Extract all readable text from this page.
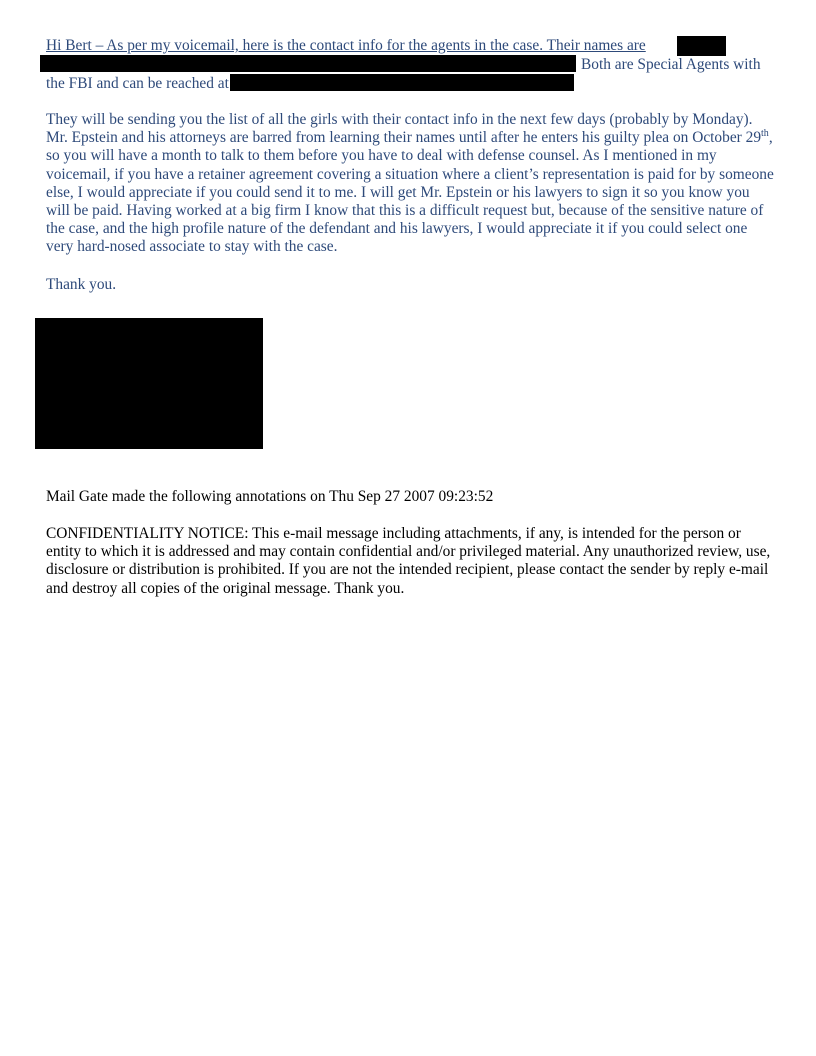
Hi Bert – As per my voicemail, here is the contact info for the agents in the case. Their names are
Both are Special Agents with
the FBI and can be reached at

They will be sending you the list of all the girls with their contact info in the next few days (probably by Monday). Mr. Epstein and his attorneys are barred from learning their names until after he enters his guilty plea on October 29th, so you will have a month to talk to them before you have to deal with defense counsel. As I mentioned in my voicemail, if you have a retainer agreement covering a situation where a client’s representation is paid for by someone else, I would appreciate if you could send it to me. I will get Mr. Epstein or his lawyers to sign it so you know you will be paid. Having worked at a big firm I know that this is a difficult request but, because of the sensitive nature of the case, and the high profile nature of the defendant and his lawyers, I would appreciate it if you could select one very hard-nosed associate to stay with the case.

Thank you.

Mail Gate made the following annotations on Thu Sep 27 2007 09:23:52

CONFIDENTIALITY NOTICE: This e-mail message including attachments, if any, is intended for the person or entity to which it is addressed and may contain confidential and/or privileged material. Any unauthorized review, use, disclosure or distribution is prohibited. If you are not the intended recipient, please contact the sender by reply e-mail and destroy all copies of the original message. Thank you.
